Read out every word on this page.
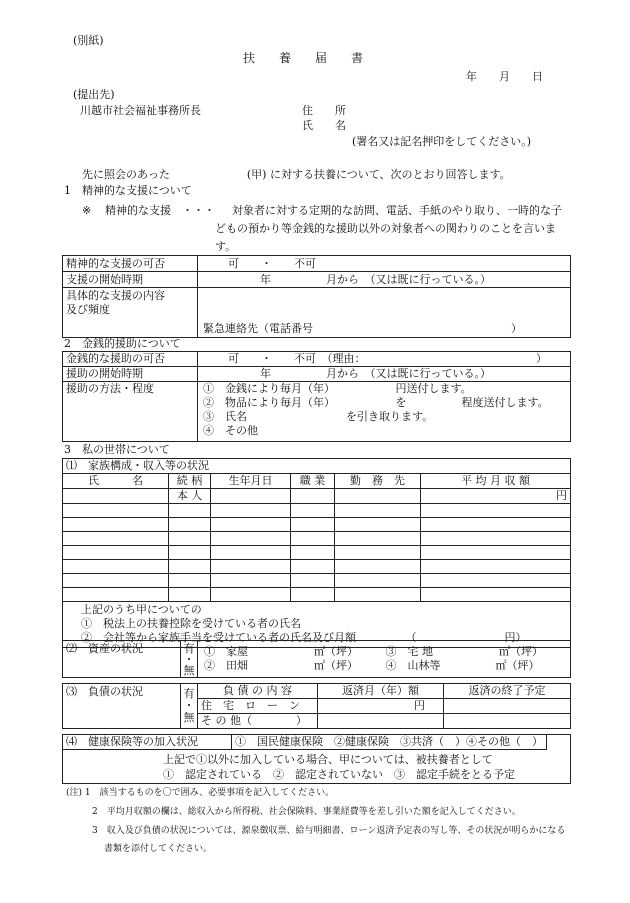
(別紙)
扶　　養　　届　　書
年　　月　　日
(提出先)
川越市社会福祉事務所長	住　　所
氏　　名
(署名又は記名押印をしてください。)
先に照会のあった　　　　　　　(甲) に対する扶養について、次のとおり回答します。
1　精神的な支援について
※ 精神的な支援　・・・ 対象者に対する定期的な訪問、電話、手紙のやり取り、一時的な子
どもの預かり等金銭的な援助以外の対象者への関わりのことを言いま
す。
精神的な支援の可否	可　　・　　不可
支援の開始時期	年　　　　　月から　（又は既に行っている。）

具体的な支援の内容
及び頻度	緊急連絡先（電話番号　　　　　　　　　　　　　　　　　　）
2　金銭的援助について
金銭的な援助の可否	可　　・　　不可　（理由：　　　　　　　　　　　　　　　　）
援助の開始時期	年　　　　　月から　（又は既に行っている。）
援助の方法・程度	①　金銭により毎月（年）　　　　　　円送付します。
②　物品により毎月（年）　　　　　　を　　　　　程度送付します。
③　氏名　　　　　　　　　を引き取ります。
④　その他
3　私の世帯について
⑴　家族構成・収入等の状況					
氏　　　名	続 柄	生年月日	職 業	勤　務　先	平 均 月 収 額
	本 人				円

上記のうち甲についての
①　税法上の扶養控除を受けている者の氏名
②　会社等から家族手当を受けている者の氏名及び月額　　　　　（　　　　　　　　円）					
⑵　資産の状況	有
・
無

①　家屋　　　　　　㎡（坪）　　　③　宅 地　　　　　　㎡（坪）
②　田畑　　　　　　㎡（坪）　　　④　山林等　　　　　㎡（坪）
⑶　負債の状況	有
・
無	負 債 の 内 容	返済月（年）額	返済の終了予定
		住　宅　ロ　ー　ン	円	
		そ の 他（　　　　）		
⑷　健康保険等の加入状況	①　国民健康保険　②健康保険　③共済（　）④その他（　）	

上記で①以外に加入している場合、甲については、被扶養者として
①　認定されている　②　認定されていない　③　認定手続をとる予定
(注) 1　該当するものを〇で囲み、必要事項を記入してください。
2　平均月収額の欄は、総収入から所得税、社会保険料、事業経費等を差し引いた額を記入してください。
3　収入及び負債の状況については、源泉徴収票、給与明細書、ローン返済予定表の写し等、その状況が明らかになる
書類を添付してください。
